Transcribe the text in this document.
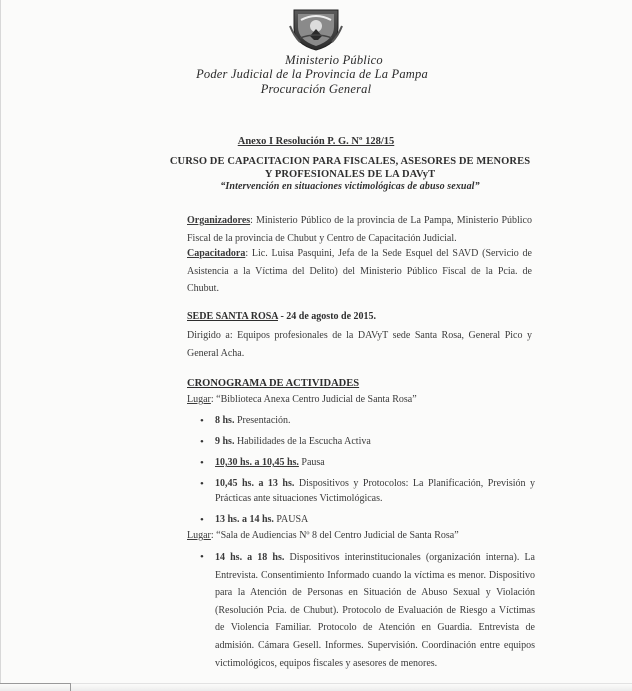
Ministerio Público
Poder Judicial de la Provincia de La Pampa
Procuración General
Anexo I Resolución P. G. Nº 128/15
CURSO DE CAPACITACION PARA FISCALES, ASESORES DE MENORES
Y PROFESIONALES DE LA DAVyT
“Intervención en situaciones victimológicas de abuso sexual”
Organizadores: Ministerio Público de la provincia de La Pampa, Ministerio Público Fiscal de la provincia de Chubut y Centro de Capacitación Judicial.
Capacitadora: Lic. Luisa Pasquini, Jefa de la Sede Esquel del SAVD (Servicio de Asistencia a la Víctima del Delito) del Ministerio Público Fiscal de la Pcia. de Chubut.
SEDE SANTA ROSA - 24 de agosto de 2015.
Dirigido a: Equipos profesionales de la DAVyT sede Santa Rosa, General Pico y General Acha.
CRONOGRAMA DE ACTIVIDADES
Lugar: “Biblioteca Anexa Centro Judicial de Santa Rosa”
• 8 hs. Presentación.
• 9 hs. Habilidades de la Escucha Activa
• 10,30 hs. a 10,45 hs. Pausa
• 10,45 hs. a 13 hs. Dispositivos y Protocolos: La Planificación, Previsión y Prácticas ante situaciones Victimológicas.
• 13 hs. a 14 hs. PAUSA
Lugar: “Sala de Audiencias Nº 8 del Centro Judicial de Santa Rosa”
• 14 hs. a 18 hs. Dispositivos interinstitucionales (organización interna). La Entrevista. Consentimiento Informado cuando la víctima es menor. Dispositivo para la Atención de Personas en Situación de Abuso Sexual y Violación (Resolución Pcia. de Chubut). Protocolo de Evaluación de Riesgo a Víctimas de Violencia Familiar. Protocolo de Atención en Guardia. Entrevista de admisión. Cámara Gesell. Informes. Supervisión. Coordinación entre equipos victimológicos, equipos fiscales y asesores de menores.
